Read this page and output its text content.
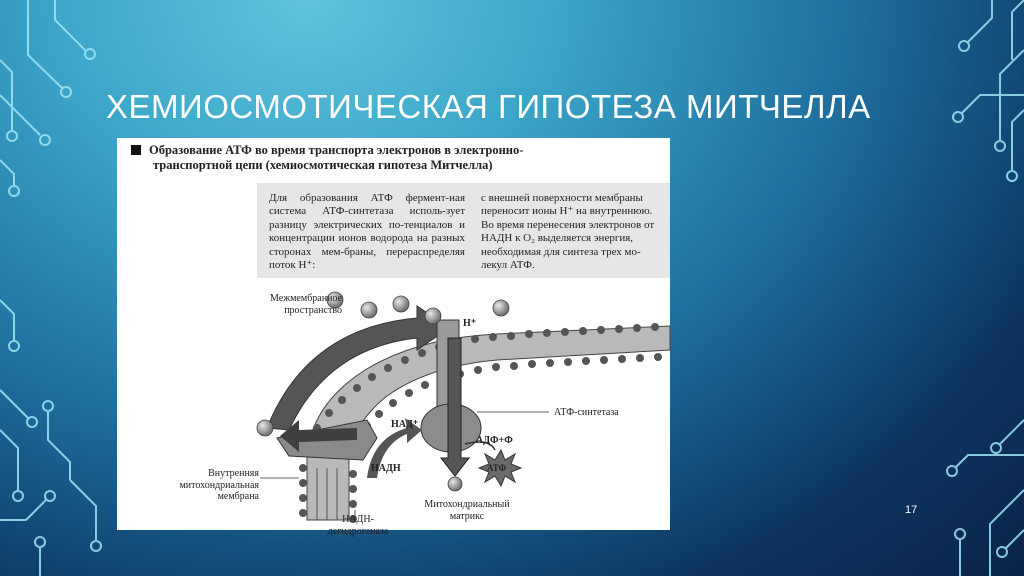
ХЕМИОСМОТИЧЕСКАЯ ГИПОТЕЗА МИТЧЕЛЛА
Образование АТФ во время транспорта электронов в электронно-
транспортной цепи (хемиосмотическая гипотеза Митчелла)
Для образования АТФ фермент-ная система АТФ-синтетаза исполь-зует разницу электрических по-тенциалов и концентрации ионов водорода на разных сторонах мем-браны, перераспределяя поток Н⁺:
с внешней поверхности мембраны переносит ионы Н⁺ на внутреннюю. Во время перенесения электронов от НАДН к О₂ выделяется энергия, необходимая для синтеза трех мо-лекул АТФ.
Межмембранное
пространство
Н⁺
НАД⁺
НАДН
АТФ-синтетаза
АДФ+Ф
АТФ
Внутренняя
митохондриальная
мембрана
Митохондриальный
матрикс
НАДН-
дегидрогеназа
17
